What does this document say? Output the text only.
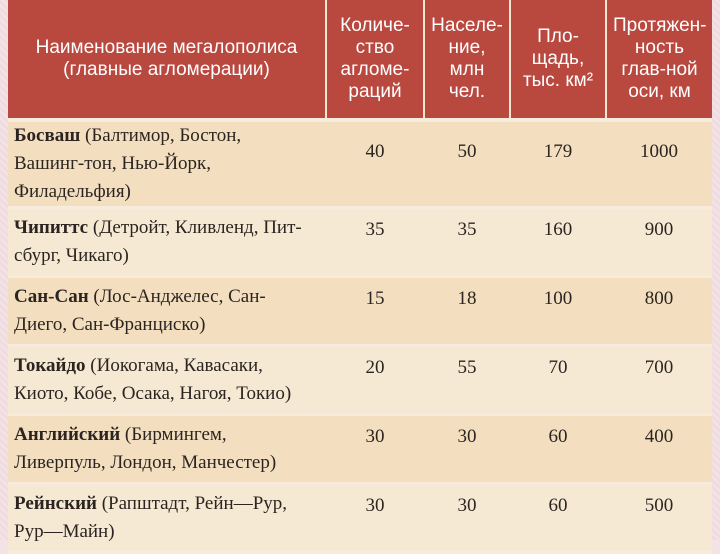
Наименование мегалополиса (главные агломерации)	Количе-ство агломе-раций	Населе-ние, млн чел.	Пло-щадь, тыс. км²	Протяжен-ность глав-ной оси, км
Босваш (Балтимор, Бостон, Вашинг-тон, Нью-Йорк, Филадельфия)	40	50	179	1000
Чипиттс (Детройт, Кливленд, Пит-сбург, Чикаго)	35	35	160	900
Сан-Сан (Лос-Анджелес, Сан-Диего, Сан-Франциско)	15	18	100	800
Токайдо (Иокогама, Кавасаки, Киото, Кобе, Осака, Нагоя, Токио)	20	55	70	700
Английский (Бирмингем, Ливерпуль, Лондон, Манчестер)	30	30	60	400
Рейнский (Рапштадт, Рейн—Рур, Рур—Майн)	30	30	60	500
